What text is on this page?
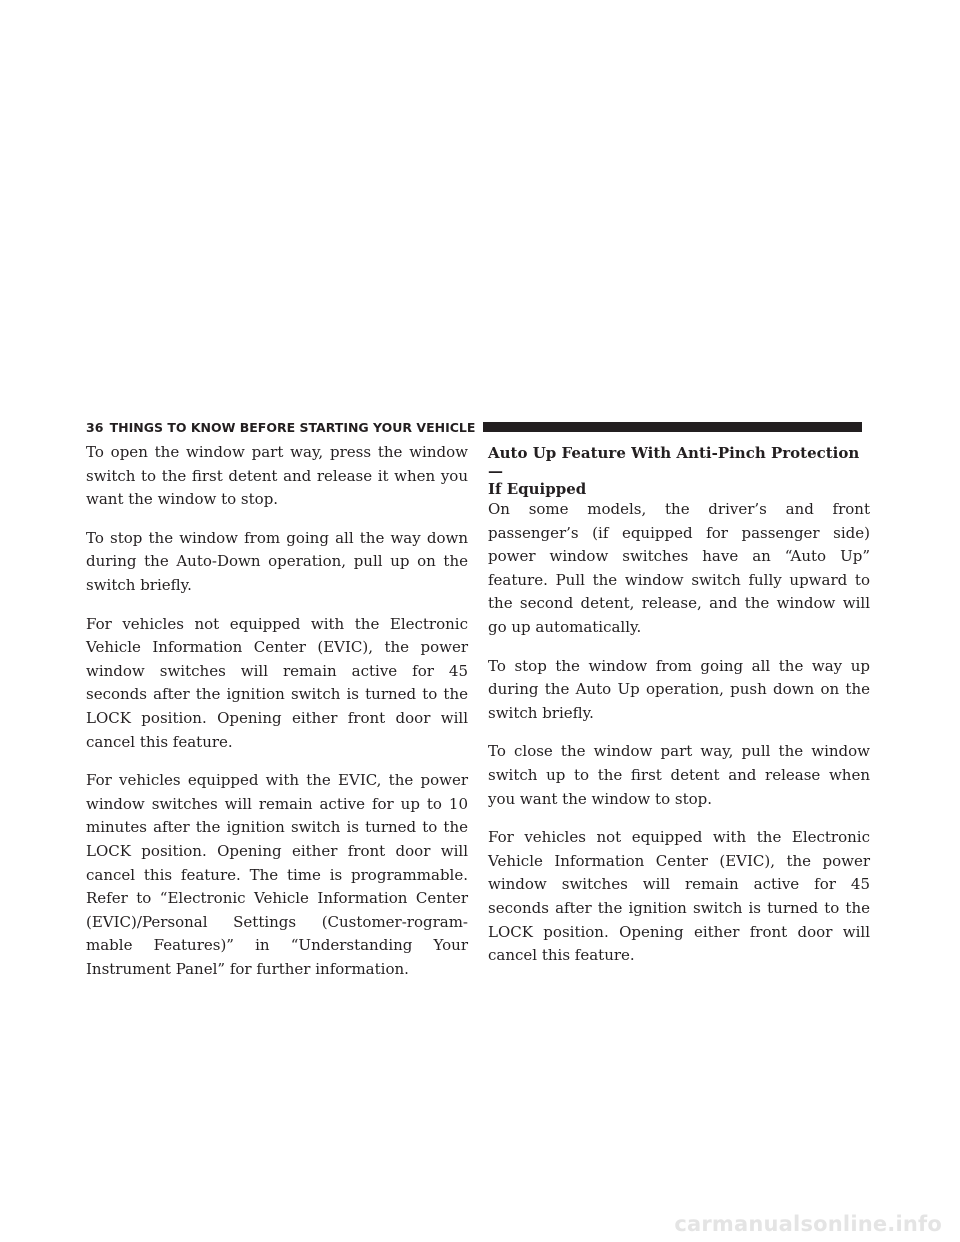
36 THINGS TO KNOW BEFORE STARTING YOUR VEHICLE

To open the window part way, press the window switch to the first detent and release it when you want the window to stop.

To stop the window from going all the way down during the Auto-Down operation, pull up on the switch briefly.

For vehicles not equipped with the Electronic Vehicle Information Center (EVIC), the power window switches will remain active for 45 seconds after the ignition switch is turned to the LOCK position. Opening either front door will cancel this feature.

For vehicles equipped with the EVIC, the power window switches will remain active for up to 10 minutes after the ignition switch is turned to the LOCK position. Opening either front door will cancel this feature. The time is programmable. Refer to “Electronic Vehicle Information Center (EVIC)/Personal Settings (Customer-rogram-mable Features)” in “Understanding Your Instrument Panel” for further information.

Auto Up Feature With Anti-Pinch Protection —
If Equipped

On some models, the driver’s and front passenger’s (if equipped for passenger side) power window switches have an “Auto Up” feature. Pull the window switch fully upward to the second detent, release, and the window will go up automatically.

To stop the window from going all the way up during the Auto Up operation, push down on the switch briefly.

To close the window part way, pull the window switch up to the first detent and release when you want the window to stop.

For vehicles not equipped with the Electronic Vehicle Information Center (EVIC), the power window switches will remain active for 45 seconds after the ignition switch is turned to the LOCK position. Opening either front door will cancel this feature.

carmanualsonline.info
